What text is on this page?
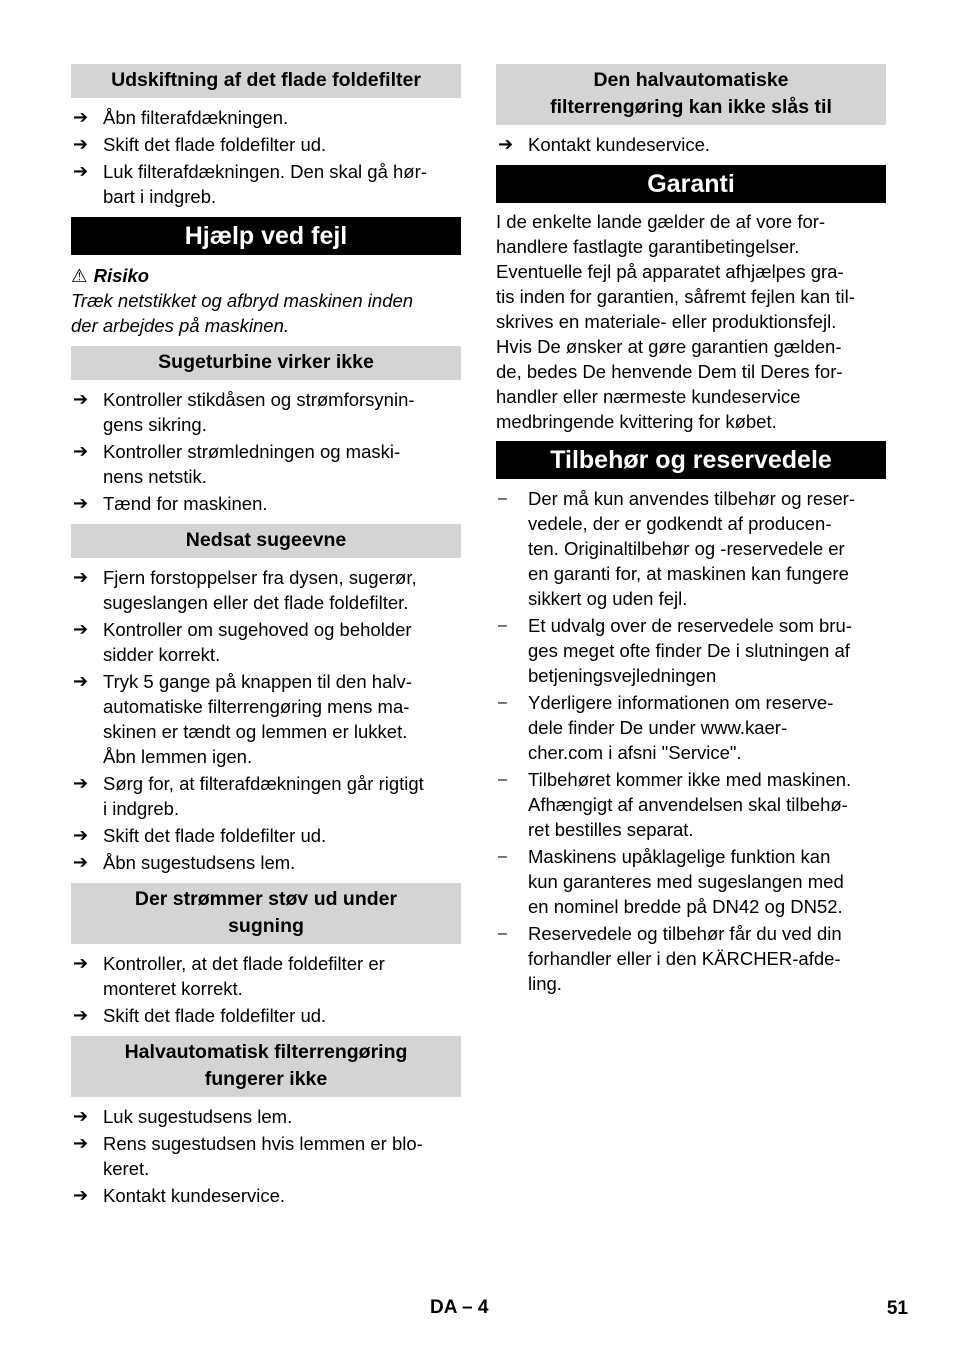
Udskiftning af det flade foldefilter
➔ Åbn filterafdækningen.
➔ Skift det flade foldefilter ud.
➔ Luk filterafdækningen. Den skal gå hør-
bart i indgreb.
Hjælp ved fejl
⚠ Risiko

Træk netstikket og afbryd maskinen inden
der arbejdes på maskinen.

Sugeturbine virker ikke
➔ Kontroller stikdåsen og strømforsynin-
gens sikring.
➔ Kontroller strømledningen og maski-
nens netstik.
➔ Tænd for maskinen.
Nedsat sugeevne
➔ Fjern forstoppelser fra dysen, sugerør,
sugeslangen eller det flade foldefilter.
➔ Kontroller om sugehoved og beholder
sidder korrekt.
➔ Tryk 5 gange på knappen til den halv-
automatiske filterrengøring mens ma-
skinen er tændt og lemmen er lukket.
Åbn lemmen igen.
➔ Sørg for, at filterafdækningen går rigtigt
i indgreb.
➔ Skift det flade foldefilter ud.
➔ Åbn sugestudsens lem.
Der strømmer støv ud under
sugning
➔ Kontroller, at det flade foldefilter er
monteret korrekt.
➔ Skift det flade foldefilter ud.
Halvautomatisk filterrengøring
fungerer ikke
➔ Luk sugestudsens lem.
➔ Rens sugestudsen hvis lemmen er blo-
keret.
➔ Kontakt kundeservice.
Den halvautomatiske
filterrengøring kan ikke slås til
➔ Kontakt kundeservice.
Garanti

I de enkelte lande gælder de af vore for-
handlere fastlagte garantibetingelser.
Eventuelle fejl på apparatet afhjælpes gra-
tis inden for garantien, såfremt fejlen kan til-
skrives en materiale- eller produktionsfejl.
Hvis De ønsker at gøre garantien gælden-
de, bedes De henvende Dem til Deres for-
handler eller nærmeste kundeservice
medbringende kvittering for købet.

Tilbehør og reservedele
– Der må kun anvendes tilbehør og reser-
vedele, der er godkendt af producen-
ten. Originaltilbehør og -reservedele er
en garanti for, at maskinen kan fungere
sikkert og uden fejl.
– Et udvalg over de reservedele som bru-
ges meget ofte finder De i slutningen af
betjeningsvejledningen
– Yderligere informationen om reserve-
dele finder De under www.kaer-
cher.com i afsni "Service".
– Tilbehøret kommer ikke med maskinen.
Afhængigt af anvendelsen skal tilbehø-
ret bestilles separat.
– Maskinens upåklagelige funktion kan
kun garanteres med sugeslangen med
en nominel bredde på DN42 og DN52.
– Reservedele og tilbehør får du ved din
forhandler eller i den KÄRCHER-afde-
ling.
DA – 4	51
